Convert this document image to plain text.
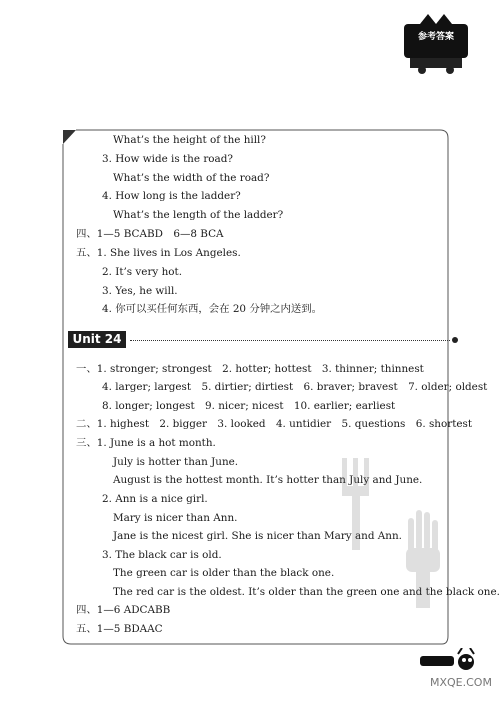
参考答案
What’s the height of the hill?
3. How wide is the road?
What’s the width of the road?
4. How long is the ladder?
What’s the length of the ladder?
四、1—5 BCABD　6—8 BCA
五、1. She lives in Los Angeles.
2. It’s very hot.
3. Yes, he will.
4. 你可以买任何东西，会在 20 分钟之内送到。
Unit 24
一、1. stronger; strongest　2. hotter; hottest　3. thinner; thinnest
4. larger; largest　5. dirtier; dirtiest　6. braver; bravest　7. older; oldest
8. longer; longest　9. nicer; nicest　10. earlier; earliest
二、1. highest　2. bigger　3. looked　4. untidier　5. questions　6. shortest
三、1. June is a hot month.
July is hotter than June.
August is the hottest month. It’s hotter than July and June.
2. Ann is a nice girl.
Mary is nicer than Ann.
Jane is the nicest girl. She is nicer than Mary and Ann.
3. The black car is old.
The green car is older than the black one.
The red car is the oldest. It’s older than the green one and the black one.
四、1—6 ADCABB
五、1—5 BDAAC
MXQE.COM
